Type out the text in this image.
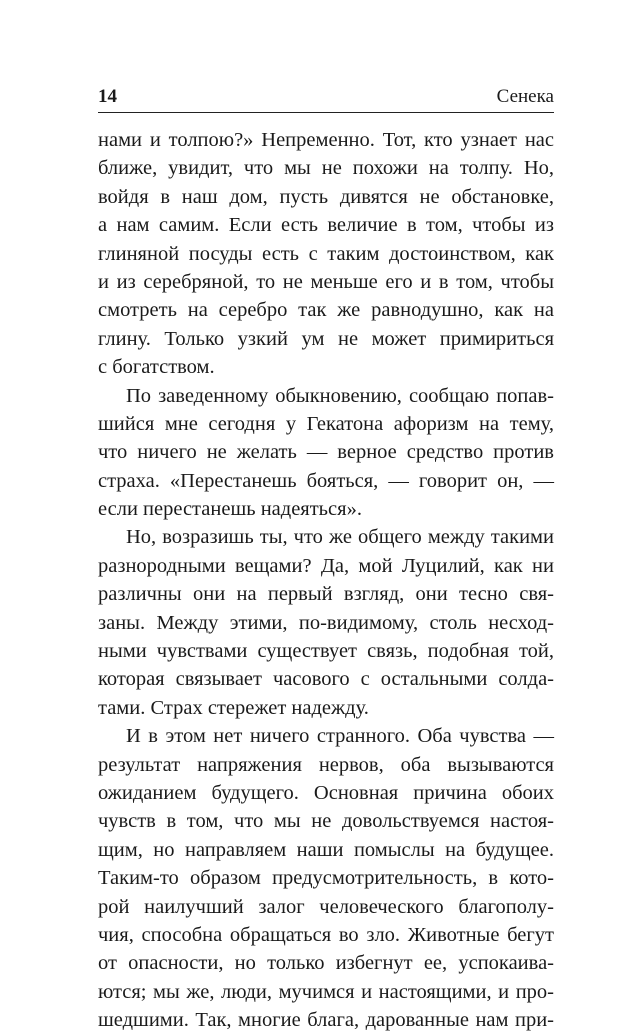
14	Сенека
нами и толпою?» Непременно. Тот, кто узнает нас
ближе, увидит, что мы не похожи на толпу. Но,
войдя в наш дом, пусть дивятся не обстановке,
а нам самим. Если есть величие в том, чтобы из
глиняной посуды есть с таким достоинством, как
и из серебряной, то не меньше его и в том, чтобы
смотреть на серебро так же равнодушно, как на
глину. Только узкий ум не может примириться
с богатством.
По заведенному обыкновению, сообщаю попав-
шийся мне сегодня у Гекатона афоризм на тему,
что ничего не желать — верное средство против
страха. «Перестанешь бояться, — говорит он, —
если перестанешь надеяться».
Но, возразишь ты, что же общего между такими
разнородными вещами? Да, мой Луцилий, как ни
различны они на первый взгляд, они тесно свя-
заны. Между этими, по-видимому, столь несход-
ными чувствами существует связь, подобная той,
которая связывает часового с остальными солда-
тами. Страх стережет надежду.
И в этом нет ничего странного. Оба чувства —
результат напряжения нервов, оба вызываются
ожиданием будущего. Основная причина обоих
чувств в том, что мы не довольствуемся настоя-
щим, но направляем наши помыслы на будущее.
Таким-то образом предусмотрительность, в кото-
рой наилучший залог человеческого благополу-
чия, способна обращаться во зло. Животные бегут
от опасности, но только избегнут ее, успокаива-
ются; мы же, люди, мучимся и настоящими, и про-
шедшими. Так, многие блага, дарованные нам при-
